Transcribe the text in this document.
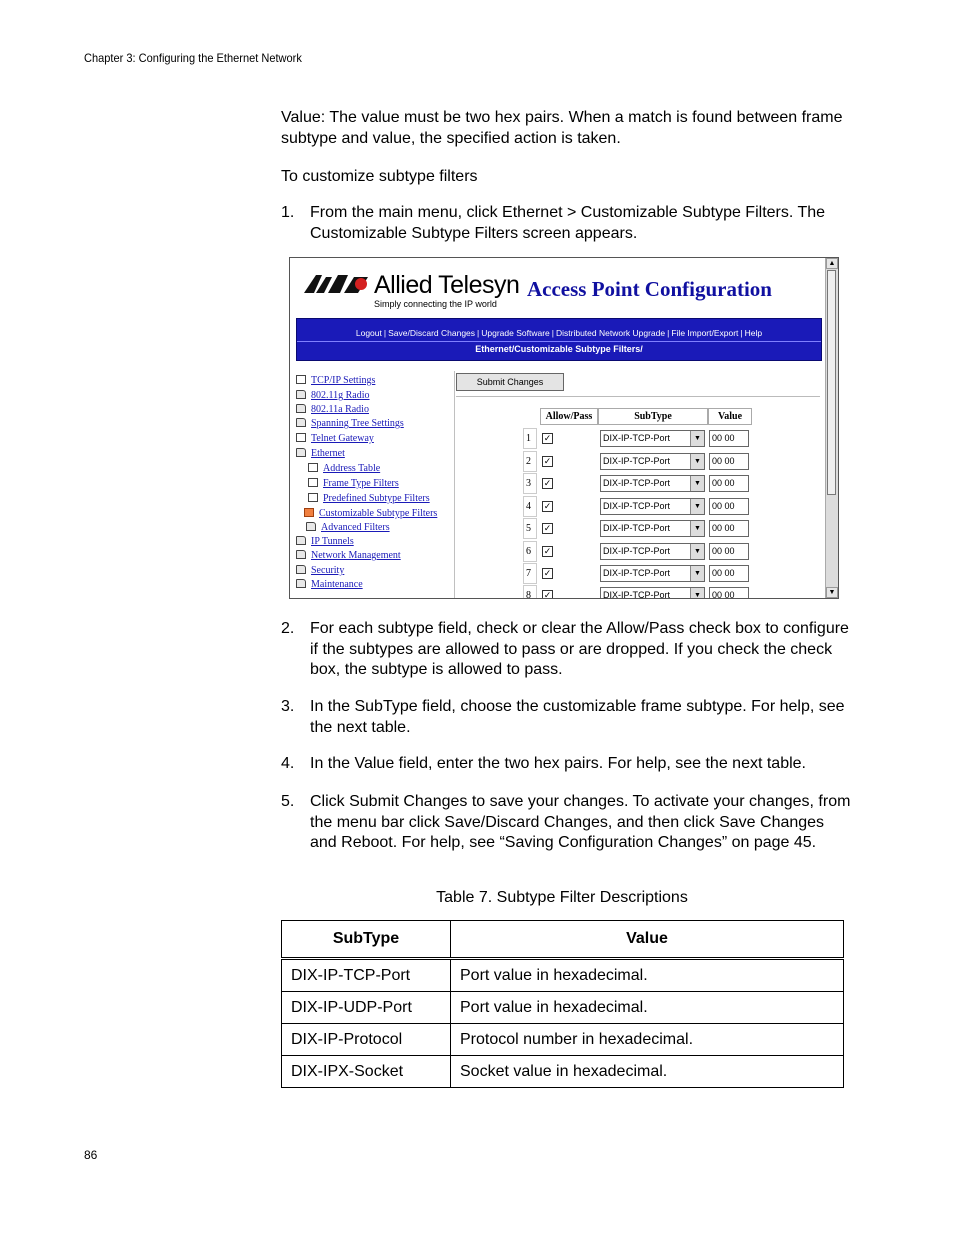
Chapter 3: Configuring the Ethernet Network
Value: The value must be two hex pairs. When a match is found between frame subtype and value, the specified action is taken.
To customize subtype filters
1. From the main menu, click Ethernet > Customizable Subtype Filters. The Customizable Subtype Filters screen appears.
Allied Telesyn
Simply connecting the IP world
Access Point Configuration
Logout | Save/Discard Changes | Upgrade Software | Distributed Network Upgrade | File Import/Export | Help
Ethernet/Customizable Subtype Filters/
TCP/IP Settings
802.11g Radio
802.11a Radio
Spanning Tree Settings
Telnet Gateway
Ethernet
Address Table
Frame Type Filters
Predefined Subtype Filters
Customizable Subtype Filters
Advanced Filters
IP Tunnels
Network Management
Security
Maintenance
Submit Changes
Allow/Pass	SubType	Value
1	✓	DIX-IP-TCP-Port	▼	00 00
2	✓	DIX-IP-TCP-Port	▼	00 00
3	✓	DIX-IP-TCP-Port	▼	00 00
4	✓	DIX-IP-TCP-Port	▼	00 00
5	✓	DIX-IP-TCP-Port	▼	00 00
6	✓	DIX-IP-TCP-Port	▼	00 00
7	✓	DIX-IP-TCP-Port	▼	00 00
8	✓	DIX-IP-TCP-Port	▼	00 00
▲
▼
2. For each subtype field, check or clear the Allow/Pass check box to configure if the subtypes are allowed to pass or are dropped. If you check the check box, the subtype is allowed to pass.
3. In the SubType field, choose the customizable frame subtype. For help, see the next table.
4. In the Value field, enter the two hex pairs. For help, see the next table.
5. Click Submit Changes to save your changes. To activate your changes, from the menu bar click Save/Discard Changes, and then click Save Changes and Reboot. For help, see “Saving Configuration Changes” on page 45.
Table 7. Subtype Filter Descriptions
SubType	Value
DIX-IP-TCP-Port	Port value in hexadecimal.
DIX-IP-UDP-Port	Port value in hexadecimal.
DIX-IP-Protocol	Protocol number in hexadecimal.
DIX-IPX-Socket	Socket value in hexadecimal.
86
